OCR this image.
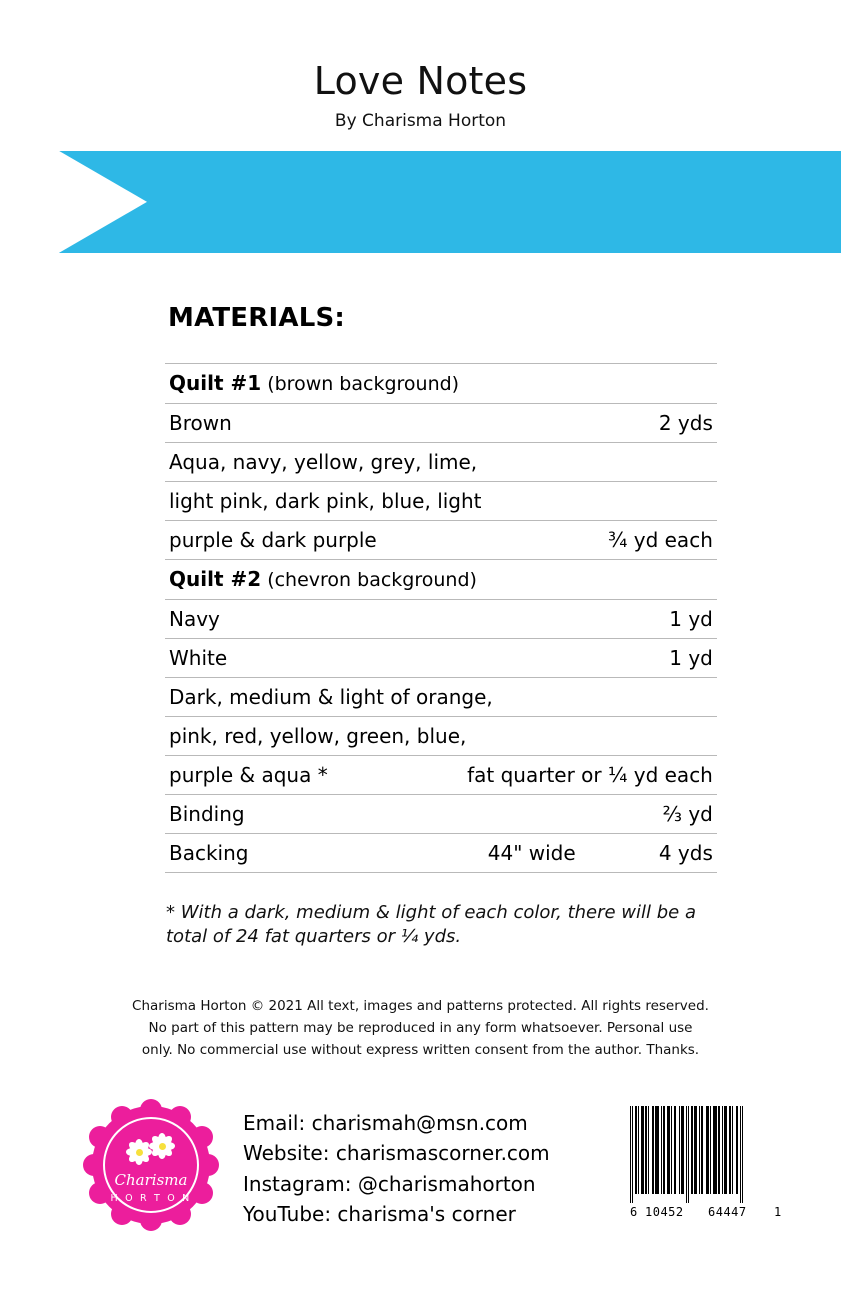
Love Notes
By Charisma Horton
MATERIALS:
Quilt #1 (brown background)		
Brown		2 yds
Aqua, navy, yellow, grey, lime,		
light pink, dark pink, blue, light		
purple & dark purple		¾ yd each
Quilt #2 (chevron background)		
Navy		1 yd
White		1 yd
Dark, medium & light of orange,		
pink, red, yellow, green, blue,		
purple & aqua *	fat quarter or ¼ yd each	
Binding		⅔ yd
Backing	44" wide	4 yds
* With a dark, medium & light of each color, there will be a total of 24 fat quarters or ¼ yds.
Charisma Horton © 2021 All text, images and patterns protected. All rights reserved.
No part of this pattern may be reproduced in any form whatsoever. Personal use
only. No commercial use without express written consent from the author. Thanks.
Charisma
H O R T O N
Email: charismah@msn.com
Website: charismascorner.com
Instagram: @charismahorton
YouTube: charisma's corner	6 10452 64447 1
